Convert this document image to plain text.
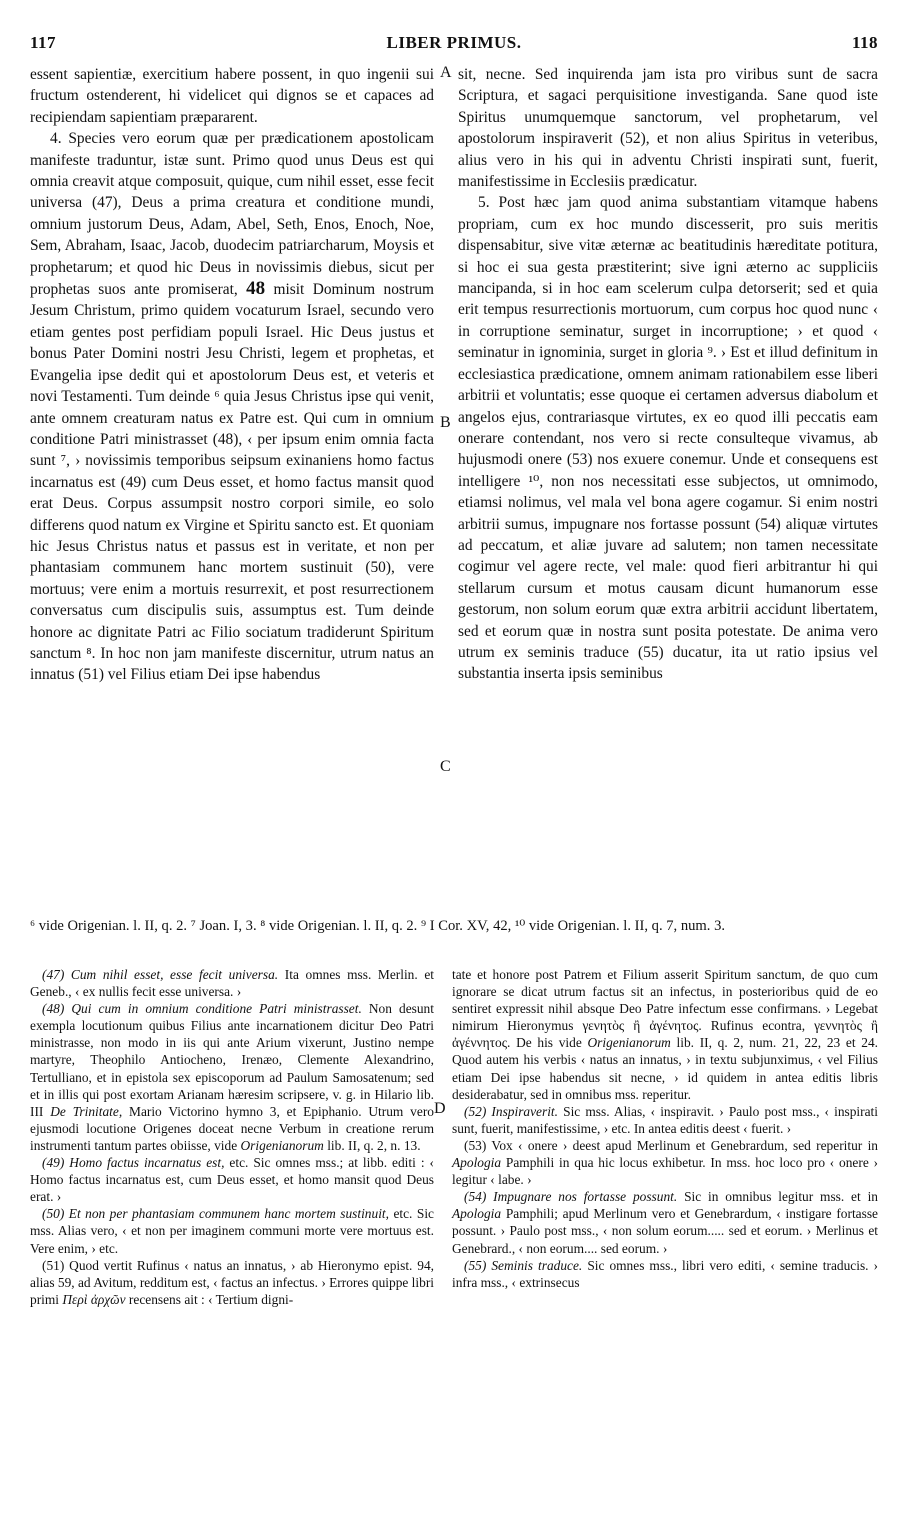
117	LIBER PRIMUS.	118

essent sapientiæ, exercitium habere possent, in quo ingenii sui fructum ostenderent, hi videlicet qui dignos se et capaces ad recipiendam sapientiam præpararent.

4. Species vero eorum quæ per prædicationem apostolicam manifeste traduntur, istæ sunt. Primo quod unus Deus est qui omnia creavit atque composuit, quique, cum nihil esset, esse fecit universa (47), Deus a prima creatura et conditione mundi, omnium justorum Deus, Adam, Abel, Seth, Enos, Enoch, Noe, Sem, Abraham, Isaac, Jacob, duodecim patriarcharum, Moysis et prophetarum; et quod hic Deus in novissimis diebus, sicut per prophetas suos ante promiserat, 48 misit Dominum nostrum Jesum Christum, primo quidem vocaturum Israel, secundo vero etiam gentes post perfidiam populi Israel. Hic Deus justus et bonus Pater Domini nostri Jesu Christi, legem et prophetas, et Evangelia ipse dedit qui et apostolorum Deus est, et veteris et novi Testamenti. Tum deinde ⁶ quia Jesus Christus ipse qui venit, ante omnem creaturam natus ex Patre est. Qui cum in omnium conditione Patri ministrasset (48), ‹ per ipsum enim omnia facta sunt ⁷, › novissimis temporibus seipsum exinaniens homo factus incarnatus est (49) cum Deus esset, et homo factus mansit quod erat Deus. Corpus assumpsit nostro corpori simile, eo solo differens quod natum ex Virgine et Spiritu sancto est. Et quoniam hic Jesus Christus natus et passus est in veritate, et non per phantasiam communem hanc mortem sustinuit (50), vere mortuus; vere enim a mortuis resurrexit, et post resurrectionem conversatus cum discipulis suis, assumptus est. Tum deinde honore ac dignitate Patri ac Filio sociatum tradiderunt Spiritum sanctum ⁸. In hoc non jam manifeste discernitur, utrum natus an innatus (51) vel Filius etiam Dei ipse habendus

sit, necne. Sed inquirenda jam ista pro viribus sunt de sacra Scriptura, et sagaci perquisitione investiganda. Sane quod iste Spiritus unumquemque sanctorum, vel prophetarum, vel apostolorum inspiraverit (52), et non alius Spiritus in veteribus, alius vero in his qui in adventu Christi inspirati sunt, fuerit, manifestissime in Ecclesiis prædicatur.

5. Post hæc jam quod anima substantiam vitamque habens propriam, cum ex hoc mundo discesserit, pro suis meritis dispensabitur, sive vitæ æternæ ac beatitudinis hæreditate potitura, si hoc ei sua gesta præstiterint; sive igni æterno ac suppliciis mancipanda, si in hoc eam scelerum culpa detorserit; sed et quia erit tempus resurrectionis mortuorum, cum corpus hoc quod nunc ‹ in corruptione seminatur, surget in incorruptione; › et quod ‹ seminatur in ignominia, surget in gloria ⁹. › Est et illud definitum in ecclesiastica prædicatione, omnem animam rationabilem esse liberi arbitrii et voluntatis; esse quoque ei certamen adversus diabolum et angelos ejus, contrariasque virtutes, ex eo quod illi peccatis eam onerare contendant, nos vero si recte consulteque vivamus, ab hujusmodi onere (53) nos exuere conemur. Unde et consequens est intelligere ¹⁰, non nos necessitati esse subjectos, ut omnimodo, etiamsi nolimus, vel mala vel bona agere cogamur. Si enim nostri arbitrii sumus, impugnare nos fortasse possunt (54) aliquæ virtutes ad peccatum, et aliæ juvare ad salutem; non tamen necessitate cogimur vel agere recte, vel male: quod fieri arbitrantur hi qui stellarum cursum et motus causam dicunt humanorum esse gestorum, non solum eorum quæ extra arbitrii accidunt libertatem, sed et eorum quæ in nostra sunt posita potestate. De anima vero utrum ex seminis traduce (55) ducatur, ita ut ratio ipsius vel substantia inserta ipsis seminibus

A
B
C
D
⁶ vide Origenian. l. II, q. 2. ⁷ Joan. I, 3. ⁸ vide Origenian. l. II, q. 2. ⁹ I Cor. XV, 42, ¹⁰ vide Origenian. l. II, q. 7, num. 3.

(47) Cum nihil esset, esse fecit universa. Ita omnes mss. Merlin. et Geneb., ‹ ex nullis fecit esse universa. ›

(48) Qui cum in omnium conditione Patri ministrasset. Non desunt exempla locutionum quibus Filius ante incarnationem dicitur Deo Patri ministrasse, non modo in iis qui ante Arium vixerunt, Justino nempe martyre, Theophilo Antiocheno, Irenæo, Clemente Alexandrino, Tertulliano, et in epistola sex episcoporum ad Paulum Samosatenum; sed et in illis qui post exortam Arianam hæresim scripsere, v. g. in Hilario lib. III De Trinitate, Mario Victorino hymno 3, et Epiphanio. Utrum vero ejusmodi locutione Origenes doceat necne Verbum in creatione rerum instrumenti tantum partes obiisse, vide Origenianorum lib. II, q. 2, n. 13.

(49) Homo factus incarnatus est, etc. Sic omnes mss.; at libb. editi : ‹ Homo factus incarnatus est, cum Deus esset, et homo mansit quod Deus erat. ›

(50) Et non per phantasiam communem hanc mortem sustinuit, etc. Sic mss. Alias vero, ‹ et non per imaginem communi morte vere mortuus est. Vere enim, › etc.

(51) Quod vertit Rufinus ‹ natus an innatus, › ab Hieronymo epist. 94, alias 59, ad Avitum, redditum est, ‹ factus an infectus. › Errores quippe libri primi Περὶ ἀρχῶν recensens ait : ‹ Tertium digni-

tate et honore post Patrem et Filium asserit Spiritum sanctum, de quo cum ignorare se dicat utrum factus sit an infectus, in posterioribus quid de eo sentiret expressit nihil absque Deo Patre infectum esse confirmans. › Legebat nimirum Hieronymus γενητὸς ἢ ἀγένητος. Rufinus econtra, γεννητὸς ἢ ἀγέννητος. De his vide Origenianorum lib. II, q. 2, num. 21, 22, 23 et 24. Quod autem his verbis ‹ natus an innatus, › in textu subjunximus, ‹ vel Filius etiam Dei ipse habendus sit necne, › id quidem in antea editis libris desiderabatur, sed in omnibus mss. reperitur.

(52) Inspiraverit. Sic mss. Alias, ‹ inspiravit. › Paulo post mss., ‹ inspirati sunt, fuerit, manifestissime, › etc. In antea editis deest ‹ fuerit. ›

(53) Vox ‹ onere › deest apud Merlinum et Genebrardum, sed reperitur in Apologia Pamphili in qua hic locus exhibetur. In mss. hoc loco pro ‹ onere › legitur ‹ labe. ›

(54) Impugnare nos fortasse possunt. Sic in omnibus legitur mss. et in Apologia Pamphili; apud Merlinum vero et Genebrardum, ‹ instigare fortasse possunt. › Paulo post mss., ‹ non solum eorum..... sed et eorum. › Merlinus et Genebrard., ‹ non eorum.... sed eorum. ›

(55) Seminis traduce. Sic omnes mss., libri vero editi, ‹ semine traducis. › infra mss., ‹ extrinsecus
